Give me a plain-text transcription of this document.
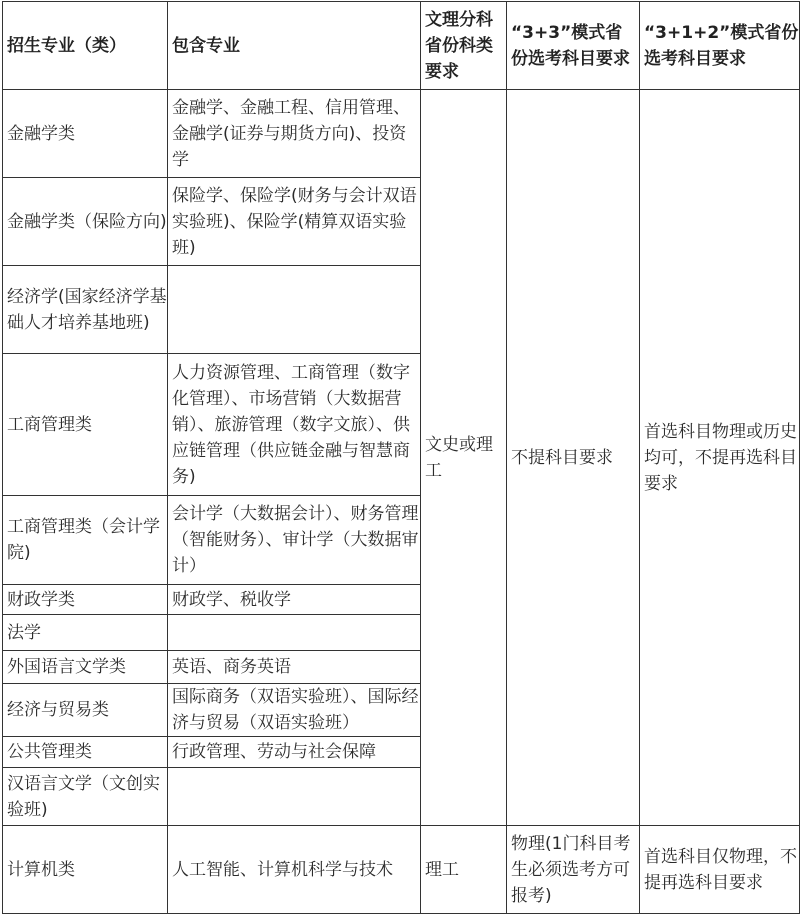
招生专业（类）	包含专业	文理分科省份科类要求	“3+3”模式省份选考科目要求	“3+1+2”模式省份选考科目要求
金融学类	金融学、金融工程、信用管理、金融学(证券与期货方向)、投资学	文史或理工	不提科目要求	首选科目物理或历史均可，不提再选科目要求
金融学类（保险方向)	保险学、保险学(财务与会计双语实验班)、保险学(精算双语实验班)			
经济学(国家经济学基础人才培养基地班)				
工商管理类	人力资源管理、工商管理（数字化管理）、市场营销（大数据营销）、旅游管理（数字文旅）、供应链管理（供应链金融与智慧商务)			
工商管理类（会计学院)	会计学（大数据会计）、财务管理（智能财务）、审计学（大数据审计）			
财政学类	财政学、税收学			
法学				
外国语言文学类	英语、商务英语			
经济与贸易类	国际商务（双语实验班）、国际经济与贸易（双语实验班）			
公共管理类	行政管理、劳动与社会保障			
汉语言文学（文创实验班)				
计算机类	人工智能、计算机科学与技术	理工	物理(1门科目考生必须选考方可报考)	首选科目仅物理，不提再选科目要求
